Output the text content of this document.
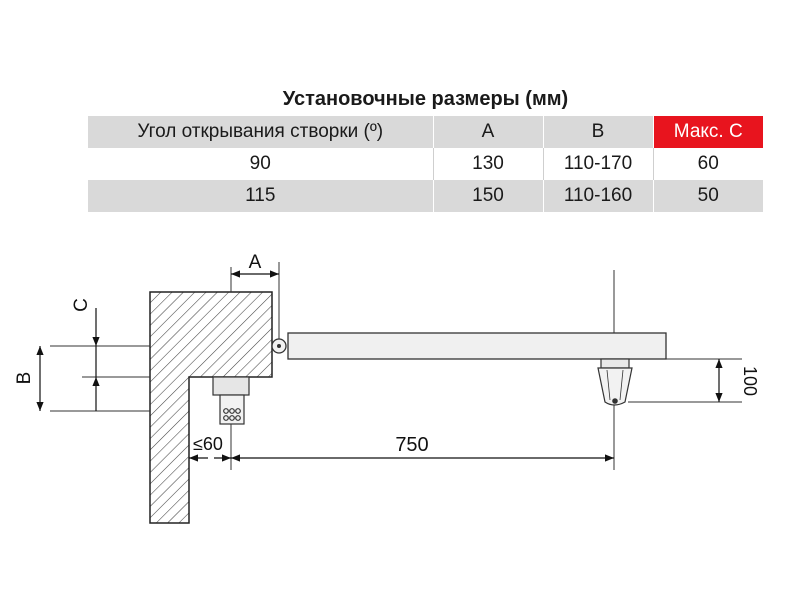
Установочные размеры (мм)			
Угол открывания створки (º)	A	B	Макс. C
90	130	110-170	60
115	150	110-160	50
A
B
C
≤60	750
100
